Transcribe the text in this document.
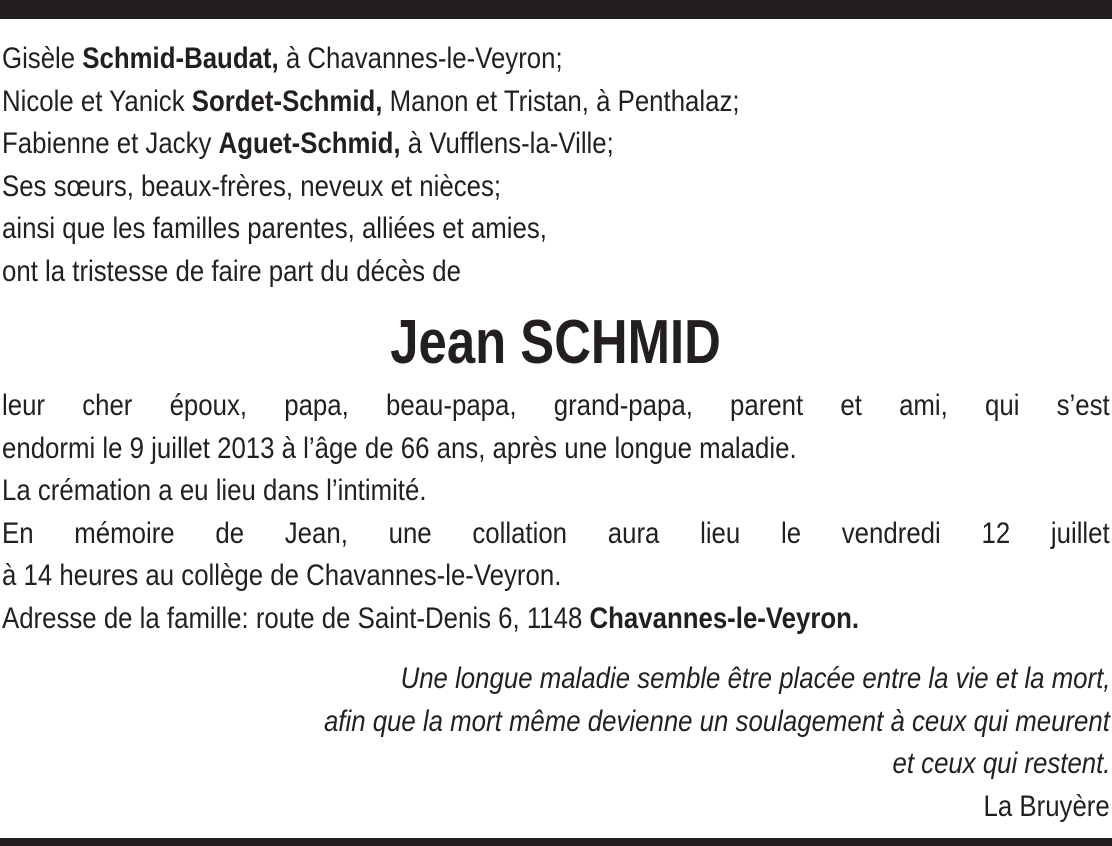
Gisèle Schmid-Baudat, à Chavannes-le-Veyron;
Nicole et Yanick Sordet-Schmid, Manon et Tristan, à Penthalaz;
Fabienne et Jacky Aguet-Schmid, à Vufflens-la-Ville;
Ses sœurs, beaux-frères, neveux et nièces;
ainsi que les familles parentes, alliées et amies,
ont la tristesse de faire part du décès de
Jean SCHMID
leur cher époux, papa, beau-papa, grand-papa, parent et ami, qui s’est
endormi le 9 juillet 2013 à l’âge de 66 ans, après une longue maladie.
La crémation a eu lieu dans l’intimité.
En mémoire de Jean, une collation aura lieu le vendredi 12 juillet
à 14 heures au collège de Chavannes-le-Veyron.
Adresse de la famille: route de Saint-Denis 6, 1148 Chavannes-le-Veyron.
Une longue maladie semble être placée entre la vie et la mort,
afin que la mort même devienne un soulagement à ceux qui meurent
et ceux qui restent.
La Bruyère
